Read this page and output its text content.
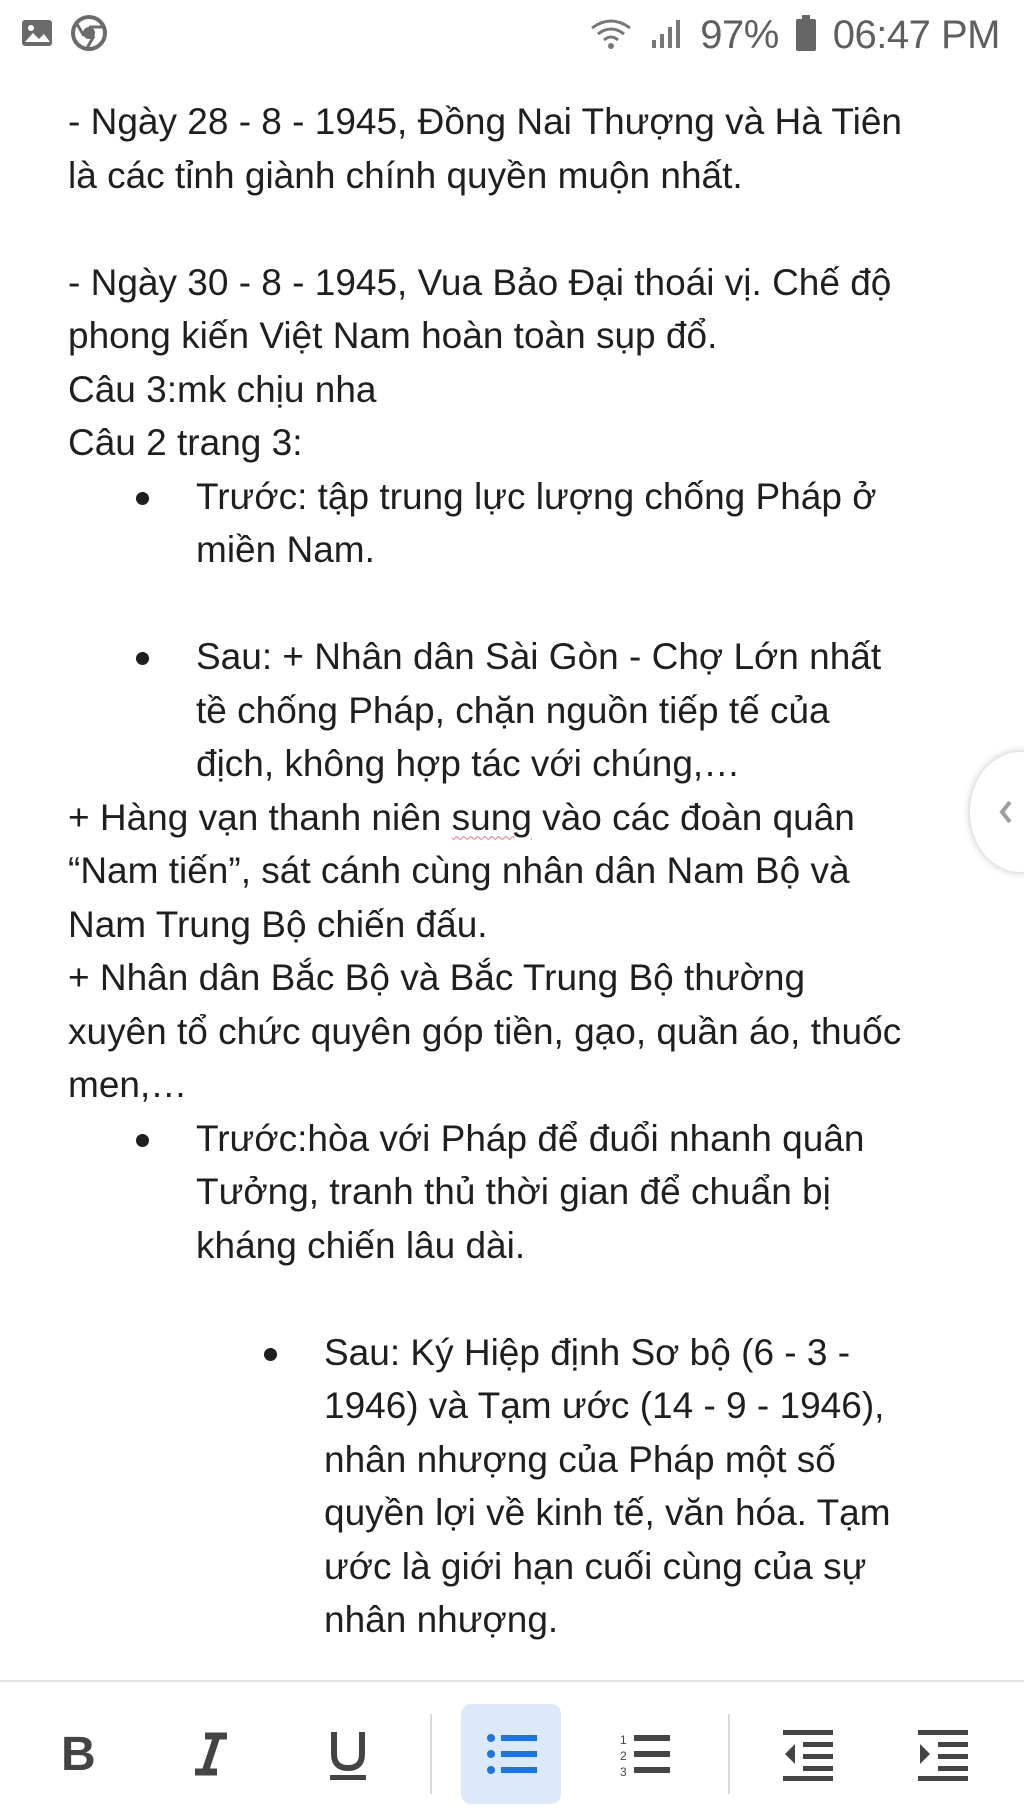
97% 06:47 PM
- Ngày 28 - 8 - 1945, Đồng Nai Thượng và Hà Tiên
là các tỉnh giành chính quyền muộn nhất.
- Ngày 30 - 8 - 1945, Vua Bảo Đại thoái vị. Chế độ
phong kiến Việt Nam hoàn toàn sụp đổ.
Câu 3:mk chịu nha
Câu 2 trang 3:
Trước: tập trung lực lượng chống Pháp ở
miền Nam.
Sau: + Nhân dân Sài Gòn - Chợ Lớn nhất
tề chống Pháp, chặn nguồn tiếp tế của
địch, không hợp tác với chúng,…
+ Hàng vạn thanh niên sung vào các đoàn quân
“Nam tiến”, sát cánh cùng nhân dân Nam Bộ và
Nam Trung Bộ chiến đấu.
+ Nhân dân Bắc Bộ và Bắc Trung Bộ thường
xuyên tổ chức quyên góp tiền, gạo, quần áo, thuốc
men,…
Trước:hòa với Pháp để đuổi nhanh quân
Tưởng, tranh thủ thời gian để chuẩn bị
kháng chiến lâu dài.
Sau: Ký Hiệp định Sơ bộ (6 - 3 -
1946) và Tạm ước (14 - 9 - 1946),
nhân nhượng của Pháp một số
quyền lợi về kinh tế, văn hóa. Tạm
ước là giới hạn cuối cùng của sự
nhân nhượng.
B	1
2
3
